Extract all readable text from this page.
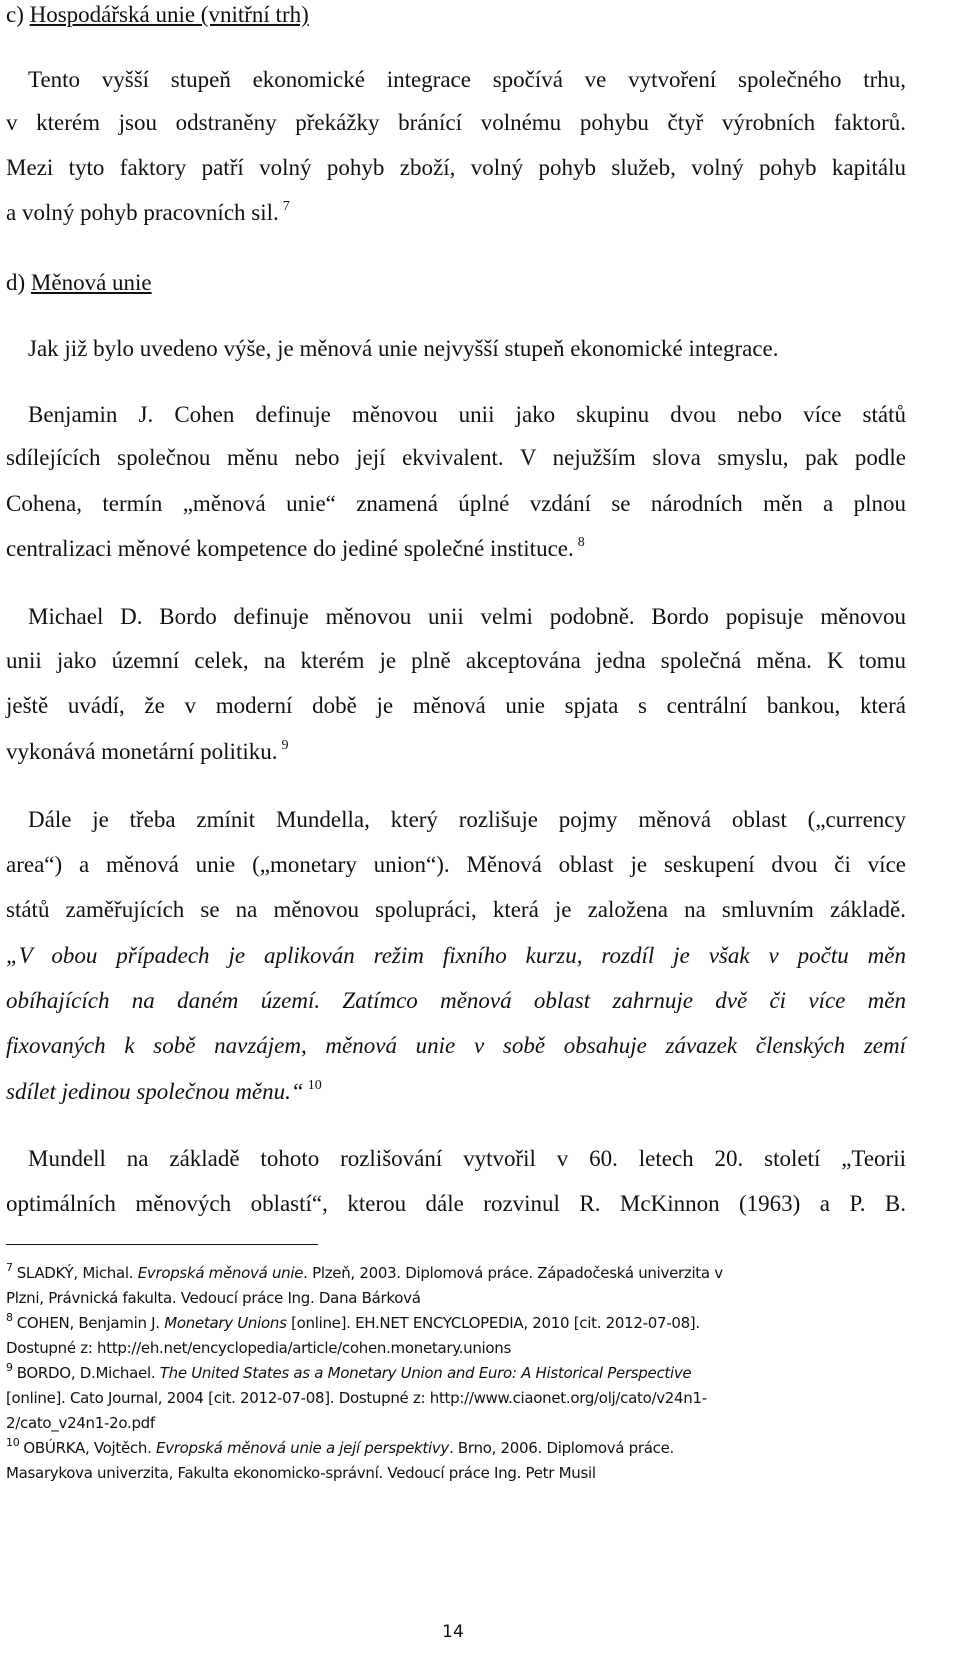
c) Hospodářská unie (vnitřní trh)
Tento vyšší stupeň ekonomické integrace spočívá ve vytvoření společného trhu,
v kterém jsou odstraněny překážky bránící volnému pohybu čtyř výrobních faktorů.
Mezi tyto faktory patří volný pohyb zboží, volný pohyb služeb, volný pohyb kapitálu
a volný pohyb pracovních sil. $^7$
d) Měnová unie
Jak již bylo uvedeno výše, je měnová unie nejvyšší stupeň ekonomické integrace.
Benjamin J. Cohen definuje měnovou unii jako skupinu dvou nebo více států
sdílejících společnou měnu nebo její ekvivalent. V nejužším slova smyslu, pak podle
Cohena, termín „měnová unie“ znamená úplné vzdání se národních měn a plnou
centralizaci měnové kompetence do jediné společné instituce. $^8$
Michael D. Bordo definuje měnovou unii velmi podobně. Bordo popisuje měnovou
unii jako územní celek, na kterém je plně akceptována jedna společná měna. K tomu
ještě uvádí, že v moderní době je měnová unie spjata s centrální bankou, která
vykonává monetární politiku. $^9$
Dále je třeba zmínit Mundella, který rozlišuje pojmy měnová oblast („currency
area“) a měnová unie („monetary union“). Měnová oblast je seskupení dvou či více
států zaměřujících se na měnovou spolupráci, která je založena na smluvním základě.
„V obou případech je aplikován režim fixního kurzu, rozdíl je však v počtu měn
obíhajících na daném území. Zatímco měnová oblast zahrnuje dvě či více měn
fixovaných k sobě navzájem, měnová unie v sobě obsahuje závazek členských zemí
sdílet jedinou společnou měnu.“ $^{10}$
Mundell na základě tohoto rozlišování vytvořil v 60. letech 20. století „Teorii
optimálních měnových oblastí“, kterou dále rozvinul R. McKinnon (1963) a P. B.
$^7$ SLADKÝ, Michal. Evropská měnová unie. Plzeň, 2003. Diplomová práce. Západočeská univerzita v
Plzni, Právnická fakulta. Vedoucí práce Ing. Dana Bárková
$^8$ COHEN, Benjamin J. Monetary Unions [online]. EH.NET ENCYCLOPEDIA, 2010 [cit. 2012-07-08].
Dostupné z: http://eh.net/encyclopedia/article/cohen.monetary.unions
$^9$ BORDO, D.Michael. The United States as a Monetary Union and Euro: A Historical Perspective
[online]. Cato Journal, 2004 [cit. 2012-07-08]. Dostupné z: http://www.ciaonet.org/olj/cato/v24n1-
2/cato_v24n1-2o.pdf
$^{10}$ OBÚRKA, Vojtěch. Evropská měnová unie a její perspektivy. Brno, 2006. Diplomová práce.
Masarykova univerzita, Fakulta ekonomicko-správní. Vedoucí práce Ing. Petr Musil
14
